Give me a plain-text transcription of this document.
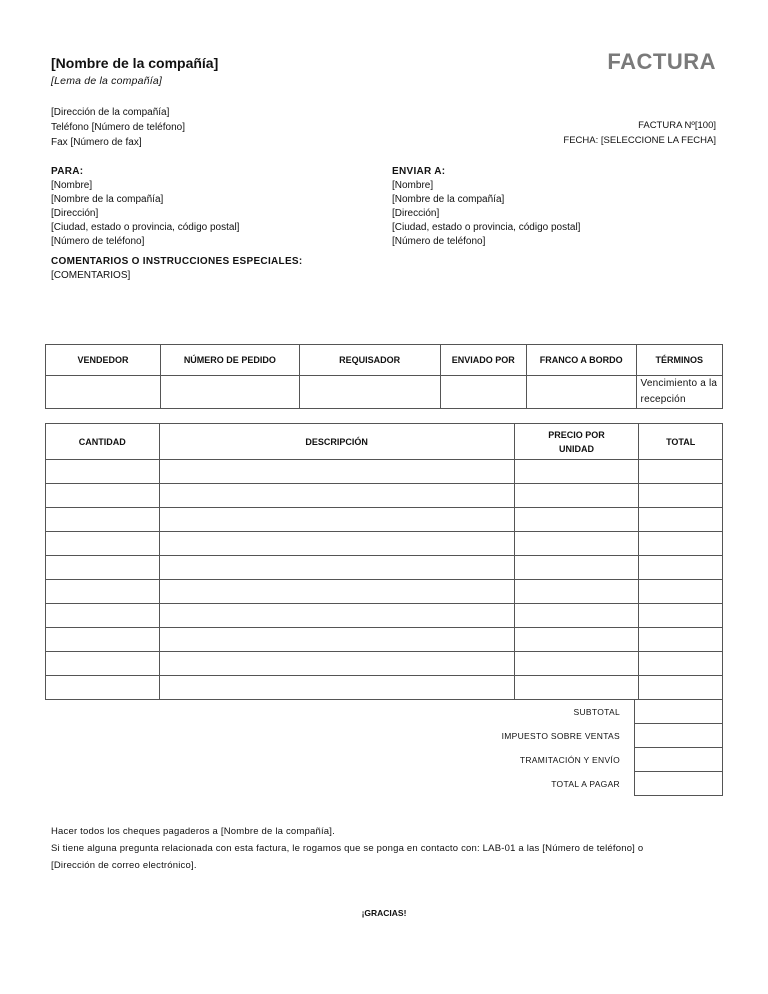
[Nombre de la compañía]
[Lema de la compañía]
FACTURA
[Dirección de la compañía]
Teléfono [Número de teléfono]
Fax [Número de fax]
FACTURA Nº[100]
FECHA: [SELECCIONE LA FECHA]
PARA:
[Nombre]
[Nombre de la compañía]
[Dirección]
[Ciudad, estado o provincia, código postal]
[Número de teléfono]
ENVIAR A:
[Nombre]
[Nombre de la compañía]
[Dirección]
[Ciudad, estado o provincia, código postal]
[Número de teléfono]
COMENTARIOS O INSTRUCCIONES ESPECIALES:
[COMENTARIOS]
VENDEDOR	NÚMERO DE PEDIDO	REQUISADOR	ENVIADO POR	FRANCO A BORDO	TÉRMINOS
					Vencimiento a la recepción
CANTIDAD	DESCRIPCIÓN	PRECIO POR UNIDAD	TOTAL

SUBTOTAL	
IMPUESTO SOBRE VENTAS	
TRAMITACIÓN Y ENVÍO	
TOTAL A PAGAR	
Hacer todos los cheques pagaderos a [Nombre de la compañía].
Si tiene alguna pregunta relacionada con esta factura, le rogamos que se ponga en contacto con: LAB-01 a las [Número de teléfono] o
[Dirección de correo electrónico].
¡GRACIAS!
